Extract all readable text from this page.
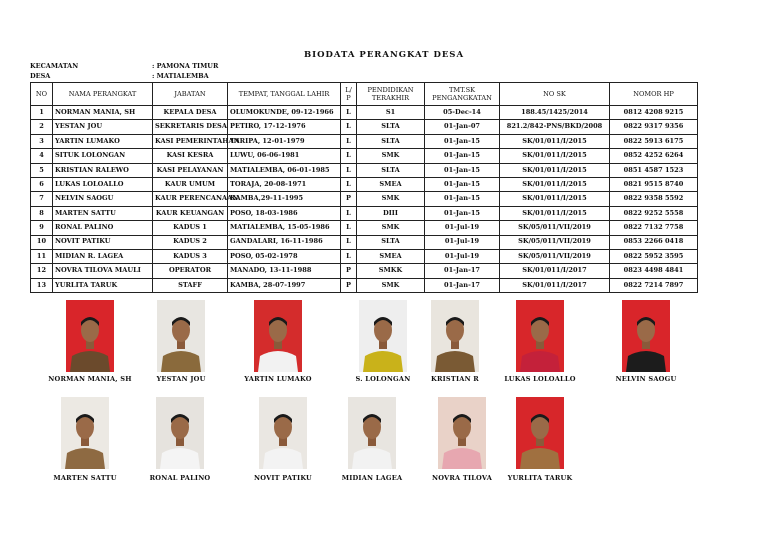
BIODATA PERANGKAT DESA
KECAMATAN	: PAMONA TIMUR
DESA	: MATIALEMBA
NO	NAMA PERANGKAT	JABATAN	TEMPAT, TANGGAL LAHIR	L/ P	PENDIDIKAN TERAKHIR	TMT.SK PENGANGKATAN	NO SK	NOMOR HP
1	NORMAN MANIA, SH	KEPALA DESA	OLUMOKUNDE, 09-12-1966	L	S1	05-Dec-14	188.45/1425/2014	0812 4208 9215
2	YESTAN JOU	SEKRETARIS DESA	PETIRO, 17-12-1976	L	SLTA	01-Jan-07	821.2/842-PNS/BKD/2008	0822 9317 9356
3	YARTIN LUMAKO	KASI PEMERINTAHAN	TARIPA, 12-01-1979	L	SLTA	01-Jan-15	SK/01/011/I/2015	0822 5913 6175
4	SITUK LOLONGAN	KASI KESRA	LUWU, 06-06-1981	L	SMK	01-Jan-15	SK/01/011/I/2015	0852 4252 6264
5	KRISTIAN RALEWO	KASI PELAYANAN	MATIALEMBA, 06-01-1985	L	SLTA	01-Jan-15	SK/01/011/I/2015	0851 4587 1523
6	LUKAS LOLOALLO	KAUR UMUM	TORAJA, 20-08-1971	L	SMEA	01-Jan-15	SK/01/011/I/2015	0821 9515 8740
7	NELVIN SAOGU	KAUR PERENCANAAN	KAMBA,29-11-1995	P	SMK	01-Jan-15	SK/01/011/I/2015	0822 9358 5592
8	MARTEN SATTU	KAUR KEUANGAN	POSO, 18-03-1986	L	DIII	01-Jan-15	SK/01/011/I/2015	0822 9252 5558
9	RONAL PALINO	KADUS 1	MATIALEMBA, 15-05-1986	L	SMK	01-Jul-19	SK/05/011/VII/2019	0822 7132 7758
10	NOVIT PATIKU	KADUS 2	GANDALARI, 16-11-1986	L	SLTA	01-Jul-19	SK/05/011/VII/2019	0853 2266 0418
11	MIDIAN R. LAGEA	KADUS 3	POSO, 05-02-1978	L	SMEA	01-Jul-19	SK/05/011/VII/2019	0822 5952 3595
12	NOVRA TILOVA MAULI	OPERATOR	MANADO, 13-11-1988	P	SMKK	01-Jan-17	SK/01/011/I/2017	0823 4498 4841
13	YURLITA TARUK	STAFF	KAMBA, 28-07-1997	P	SMK	01-Jan-17	SK/01/011/I/2017	0822 7214 7897
NORMAN MANIA, SH	YESTAN JOU	YARTIN LUMAKO	S. LOLONGAN	KRISTIAN R	LUKAS LOLOALLO	NELVIN SAOGU
MARTEN SATTU	RONAL PALINO	NOVIT PATIKU	MIDIAN LAGEA	NOVRA TILOVA	YURLITA TARUK
